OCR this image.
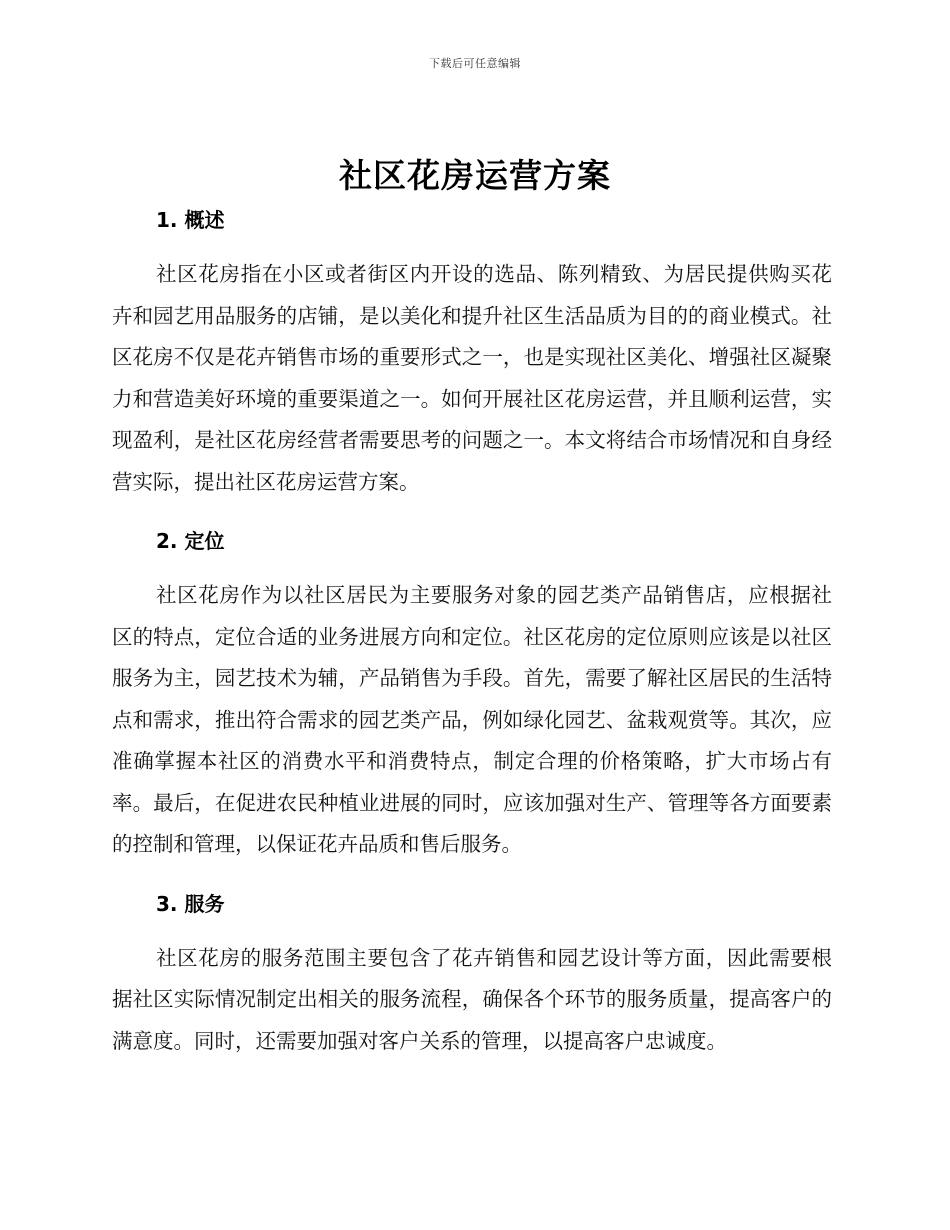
下载后可任意编辑
社区花房运营方案
1. 概述

社区花房指在小区或者街区内开设的选品、陈列精致、为居民提供购买花卉和园艺用品服务的店铺，是以美化和提升社区生活品质为目的的商业模式。社区花房不仅是花卉销售市场的重要形式之一，也是实现社区美化、增强社区凝聚力和营造美好环境的重要渠道之一。如何开展社区花房运营，并且顺利运营，实现盈利，是社区花房经营者需要思考的问题之一。本文将结合市场情况和自身经营实际，提出社区花房运营方案。

2. 定位

社区花房作为以社区居民为主要服务对象的园艺类产品销售店，应根据社区的特点，定位合适的业务进展方向和定位。社区花房的定位原则应该是以社区服务为主，园艺技术为辅，产品销售为手段。首先，需要了解社区居民的生活特点和需求，推出符合需求的园艺类产品，例如绿化园艺、盆栽观赏等。其次，应准确掌握本社区的消费水平和消费特点，制定合理的价格策略，扩大市场占有率。最后，在促进农民种植业进展的同时，应该加强对生产、管理等各方面要素的控制和管理，以保证花卉品质和售后服务。

3. 服务

社区花房的服务范围主要包含了花卉销售和园艺设计等方面，因此需要根据社区实际情况制定出相关的服务流程，确保各个环节的服务质量，提高客户的满意度。同时，还需要加强对客户关系的管理，以提高客户忠诚度。
